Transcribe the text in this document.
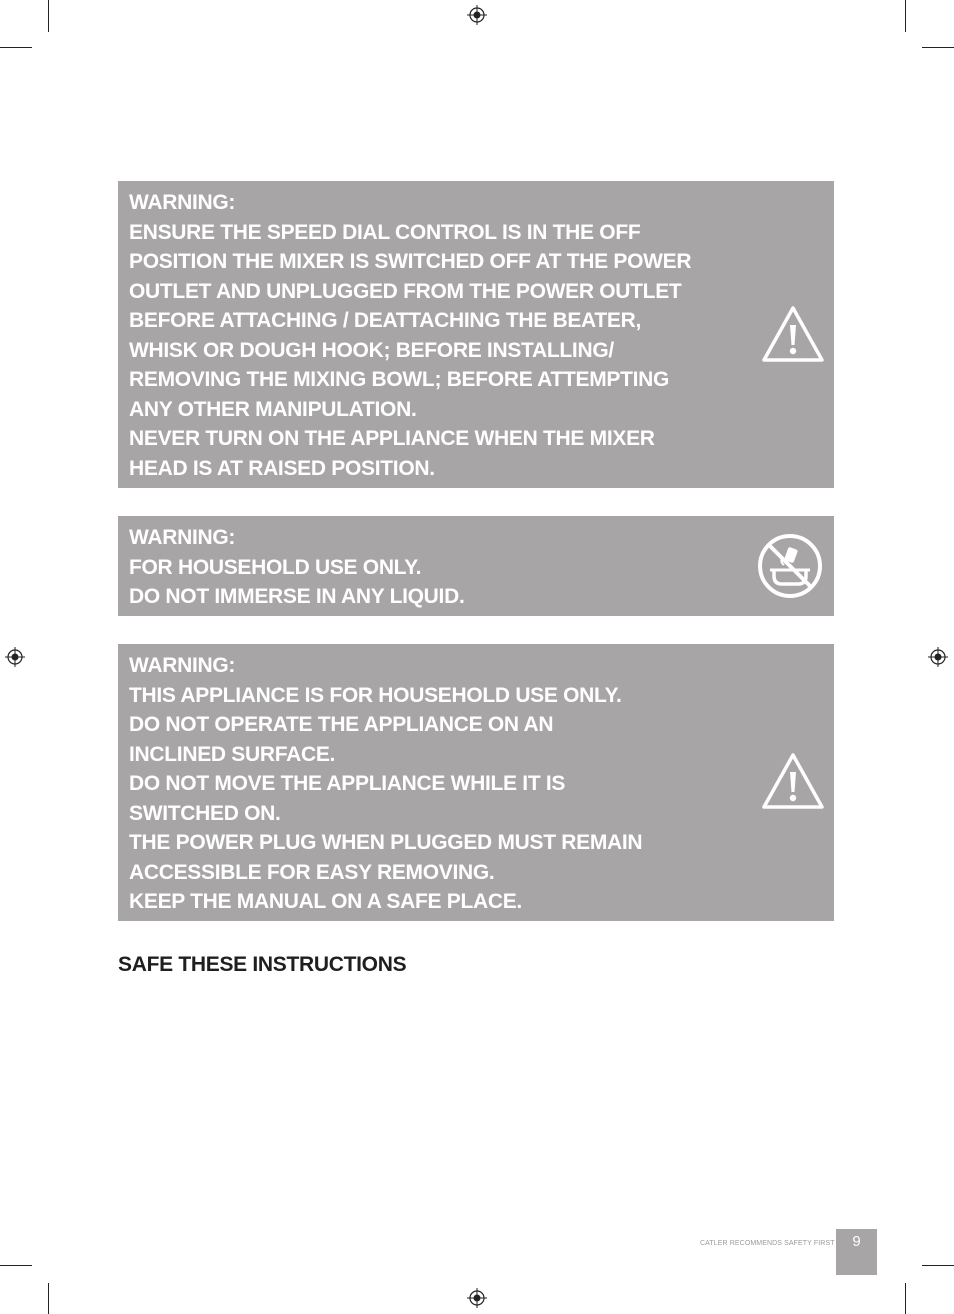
WARNING:
ENSURE THE SPEED DIAL CONTROL IS IN THE OFF
POSITION THE MIXER IS SWITCHED OFF AT THE POWER
OUTLET AND UNPLUGGED FROM THE POWER OUTLET
BEFORE ATTACHING / DEATTACHING THE BEATER,
WHISK OR DOUGH HOOK; BEFORE INSTALLING/
REMOVING THE MIXING BOWL; BEFORE ATTEMPTING
ANY OTHER MANIPULATION.
NEVER TURN ON THE APPLIANCE WHEN THE MIXER
HEAD IS AT RAISED POSITION.
WARNING:
FOR HOUSEHOLD USE ONLY.
DO NOT IMMERSE IN ANY LIQUID.
WARNING:
THIS APPLIANCE IS FOR HOUSEHOLD USE ONLY.
DO NOT OPERATE THE APPLIANCE ON AN
INCLINED SURFACE.
DO NOT MOVE THE APPLIANCE WHILE IT IS
SWITCHED ON.
THE POWER PLUG WHEN PLUGGED MUST REMAIN
ACCESSIBLE FOR EASY REMOVING.
KEEP THE MANUAL ON A SAFE PLACE.
SAFE THESE INSTRUCTIONS
CATLER RECOMMENDS SAFETY FIRST	9
